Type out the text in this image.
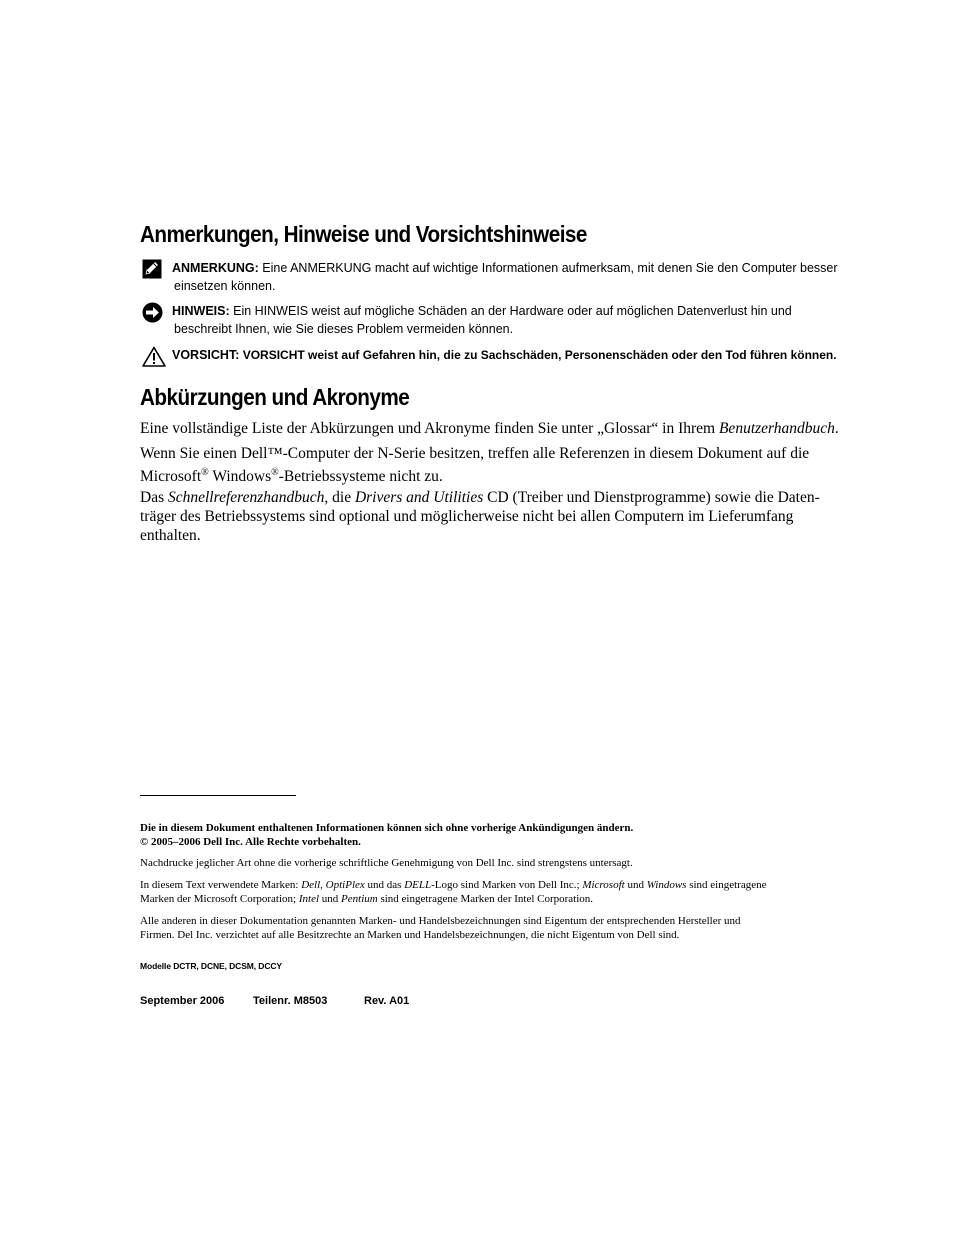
Anmerkungen, Hinweise und Vorsichtshinweise
ANMERKUNG: Eine ANMERKUNG macht auf wichtige Informationen aufmerksam, mit denen Sie den Computer besser
einsetzen können.
HINWEIS: Ein HINWEIS weist auf mögliche Schäden an der Hardware oder auf möglichen Datenverlust hin und
beschreibt Ihnen, wie Sie dieses Problem vermeiden können.
VORSICHT: VORSICHT weist auf Gefahren hin, die zu Sachschäden, Personenschäden oder den Tod führen können.
Abkürzungen und Akronyme
Eine vollständige Liste der Abkürzungen und Akronyme finden Sie unter „Glossar“ in Ihrem Benutzerhandbuch.
Wenn Sie einen Dell™-Computer der N-Serie besitzen, treffen alle Referenzen in diesem Dokument auf die
Microsoft® Windows®-Betriebssysteme nicht zu.
Das Schnellreferenzhandbuch, die Drivers and Utilities CD (Treiber und Dienstprogramme) sowie die Daten-
träger des Betriebssystems sind optional und möglicherweise nicht bei allen Computern im Lieferumfang
enthalten.
Die in diesem Dokument enthaltenen Informationen können sich ohne vorherige Ankündigungen ändern.
© 2005–2006 Dell Inc. Alle Rechte vorbehalten.
Nachdrucke jeglicher Art ohne die vorherige schriftliche Genehmigung von Dell Inc. sind strengstens untersagt.
In diesem Text verwendete Marken: Dell, OptiPlex und das DELL-Logo sind Marken von Dell Inc.; Microsoft und Windows sind eingetragene
Marken der Microsoft Corporation; Intel und Pentium sind eingetragene Marken der Intel Corporation.
Alle anderen in dieser Dokumentation genannten Marken- und Handelsbezeichnungen sind Eigentum der entsprechenden Hersteller und
Firmen. Del Inc. verzichtet auf alle Besitzrechte an Marken und Handelsbezeichnungen, die nicht Eigentum von Dell sind.
Modelle DCTR, DCNE, DCSM, DCCY
September 2006	Teilenr. M8503	Rev. A01
